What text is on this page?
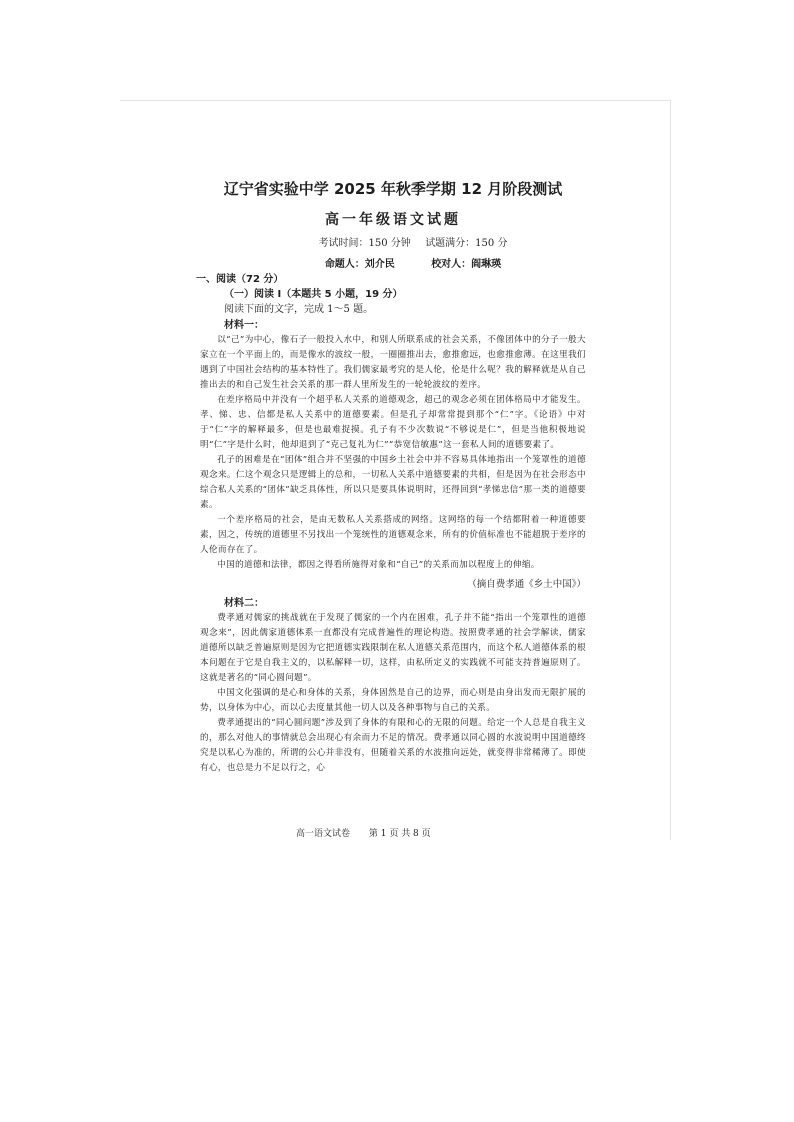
辽宁省实验中学 2025 年秋季学期 12 月阶段测试
高一年级语文试题
考试时间：150 分钟 试题满分：150 分
命题人：刘介民	校对人：阎琳瑛
一、阅读（72 分）
（一）阅读 I（本题共 5 小题，19 分）
阅读下面的文字，完成 1～5 题。
材料一：

以“己”为中心，像石子一般投入水中，和别人所联系成的社会关系，不像团体中的分子一般大家立在一个平面上的，而是像水的波纹一般，一圈圈推出去，愈推愈远，也愈推愈薄。在这里我们遇到了中国社会结构的基本特性了。我们儒家最考究的是人伦，伦是什么呢？我的解释就是从自己推出去的和自己发生社会关系的那一群人里所发生的一轮轮波纹的差序。

在差序格局中并没有一个超乎私人关系的道德观念，超己的观念必须在团体格局中才能发生。孝、悌、忠、信都是私人关系中的道德要素。但是孔子却常常提到那个“仁”字。《论语》中对于“仁”字的解释最多，但是也最难捉摸。孔子有不少次数说“不够说是仁”，但是当他积极地说明“仁”字是什么时，他却退到了“克己复礼为仁”“恭宽信敏惠”这一套私人间的道德要素了。

孔子的困难是在“团体”组合并不坚强的中国乡土社会中并不容易具体地指出一个笼罩性的道德观念来。仁这个观念只是逻辑上的总和，一切私人关系中道德要素的共相，但是因为在社会形态中综合私人关系的“团体”缺乏具体性，所以只是要具体说明时，还得回到“孝悌忠信”那一类的道德要素。

一个差序格局的社会，是由无数私人关系搭成的网络。这网络的每一个结都附着一种道德要素，因之，传统的道德里不另找出一个笼统性的道德观念来，所有的价值标准也不能超脱于差序的人伦而存在了。

中国的道德和法律，都因之得看所施得对象和“自己”的关系而加以程度上的伸缩。

（摘自费孝通《乡土中国》）
材料二：

费孝通对儒家的挑战就在于发现了儒家的一个内在困难，孔子并不能“指出一个笼罩性的道德观念来”，因此儒家道德体系一直都没有完成普遍性的理论构造。按照费孝通的社会学解读，儒家道德所以缺乏普遍原则是因为它把道德实践限制在私人道德关系范围内，而这个私人道德体系的根本问题在于它是自我主义的，以私解释一切，这样，由私所定义的实践就不可能支持普遍原则了。这就是著名的“同心圆问题”。

中国文化强调的是心和身体的关系，身体固然是自己的边界，而心则是由身出发而无限扩展的势，以身体为中心，而以心去度量其他一切人以及各种事物与自己的关系。

费孝通提出的“同心圆问题”涉及到了身体的有限和心的无限的问题。给定一个人总是自我主义的，那么对他人的事情就总会出现心有余而力不足的情况。费孝通以同心圆的水波说明中国道德终究是以私心为准的，所谓的公心并非没有，但随着关系的水波推向远处，就变得非常稀薄了。即使有心，也总是力不足以行之，心

高一语文试卷 第 1 页 共 8 页
